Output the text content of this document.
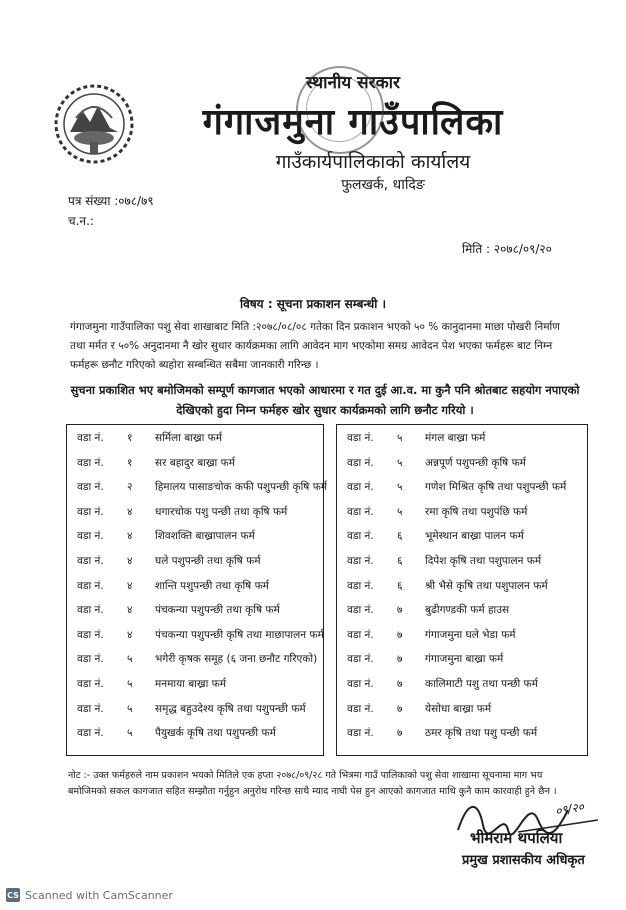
स्थानीय सरकार
गंगाजमुना गाउँपालिका
गाउँकार्यपालिकाको कार्यालय
फुलखर्क, धादिङ
पत्र संख्या :०७८/७९
च.न.:
मिति : २०७८/०९/२०
विषय : सूचना प्रकाशन सम्बन्धी ।
गंगाजमुना गाउँपालिका पशु सेवा शाखाबाट मिति :२०७८/०८/०८ गतेका दिन प्रकाशन भएको ५० % कानुदानमा माछा पोखरी निर्माण तथा मर्मत र ५०% अनुदानमा नै खोर सुधार कार्यक्रमका लागि आवेदन माग भएकोमा समग्र आवेदन पेश भएका फर्महरू बाट निम्न फर्महरू छनौट गरिएको ब्यहोरा सम्बन्धित सबैमा जानकारी गरिन्छ ।
सुचना प्रकाशित भए बमोजिमको सम्पूर्ण कागजात भएको आधारमा र गत दुई आ.व. मा कुनै पनि श्रोतबाट सहयोग नपाएको देखिएको हुदा निम्न फर्महरु खोर सुधार कार्यक्रमको लागि छनौट गरियो ।
वडा नं. १ सर्मिला बाख्रा फर्म
वडा नं. १ सर बहादुर बाख्रा फर्म
वडा नं. २ हिमालय पासाङचोक कफी पशुपन्छी कृषि फर्म
वडा नं. ४ धगारचोक पशु पन्छी तथा कृषि फर्म
वडा नं. ४ शिवशक्ति बाख्रापालन फर्म
वडा नं. ४ घले पशुपन्छी तथा कृषि फर्म
वडा नं. ४ शान्ति पशुपन्छी तथा कृषि फर्म
वडा नं. ४ पंचकन्या पशुपन्छी तथा कृषि फर्म
वडा नं. ४ पंचकन्या पशुपन्छी कृषि तथा माछापालन फर्म
वडा नं. ५ भगेरी कृषक समूह (६ जना छनौट गरिएको)
वडा नं. ५ मनमाया बाख्रा फर्म
वडा नं. ५ समृद्ध बहुउदेश्य कृषि तथा पशुपन्छी फर्म
वडा नं. ५ पैयुखर्क कृषि तथा पशुपन्छी फर्म
वडा नं. ५ मंगल बाख्रा फर्म
वडा नं. ५ अन्नपूर्ण पशुपन्छी कृषि फर्म
वडा नं. ५ गणेश मिश्रित कृषि तथा पशुपन्छी फर्म
वडा नं. ५ रमा कृषि तथा पशुपंछि फर्म
वडा नं. ६ भूमेस्थान बाख्रा पालन फर्म
वडा नं. ६ दिपेश कृषि तथा पशुपालन फर्म
वडा नं. ६ श्री भैसे कृषि तथा पशुपालन फर्म
वडा नं. ७ बुढीगण्डकी फर्म हाउस
वडा नं. ७ गंगाजमुना घले भेडा फर्म
वडा नं. ७ गंगाजमुना बाख्रा फर्म
वडा नं. ७ कालिमाटी पशु तथा पन्छी फर्म
वडा नं. ७ येसोधा बाख्रा फर्म
वडा नं. ७ ठमर कृषि तथा पशु पन्छी फर्म
नोट :- उक्त फर्महरुले नाम प्रकाशन भयको मितिले एक हप्ता २०७८/०९/२८ गते भित्रमा गाउँ पालिकाको पशु सेवा शाखामा सूचनामा माग भय बमोजिमको सकल कागजात सहित सम्झौता गर्नुहुन अनुरोध गरिन्छ साथै म्याद नाघी पेस हुन आएको कागजात माथि कुनै काम कारवाही हुने छैन ।
०९/२०
भीमराम थपलिया
प्रमुख प्रशासकीय अधिकृत
CS Scanned with CamScanner
